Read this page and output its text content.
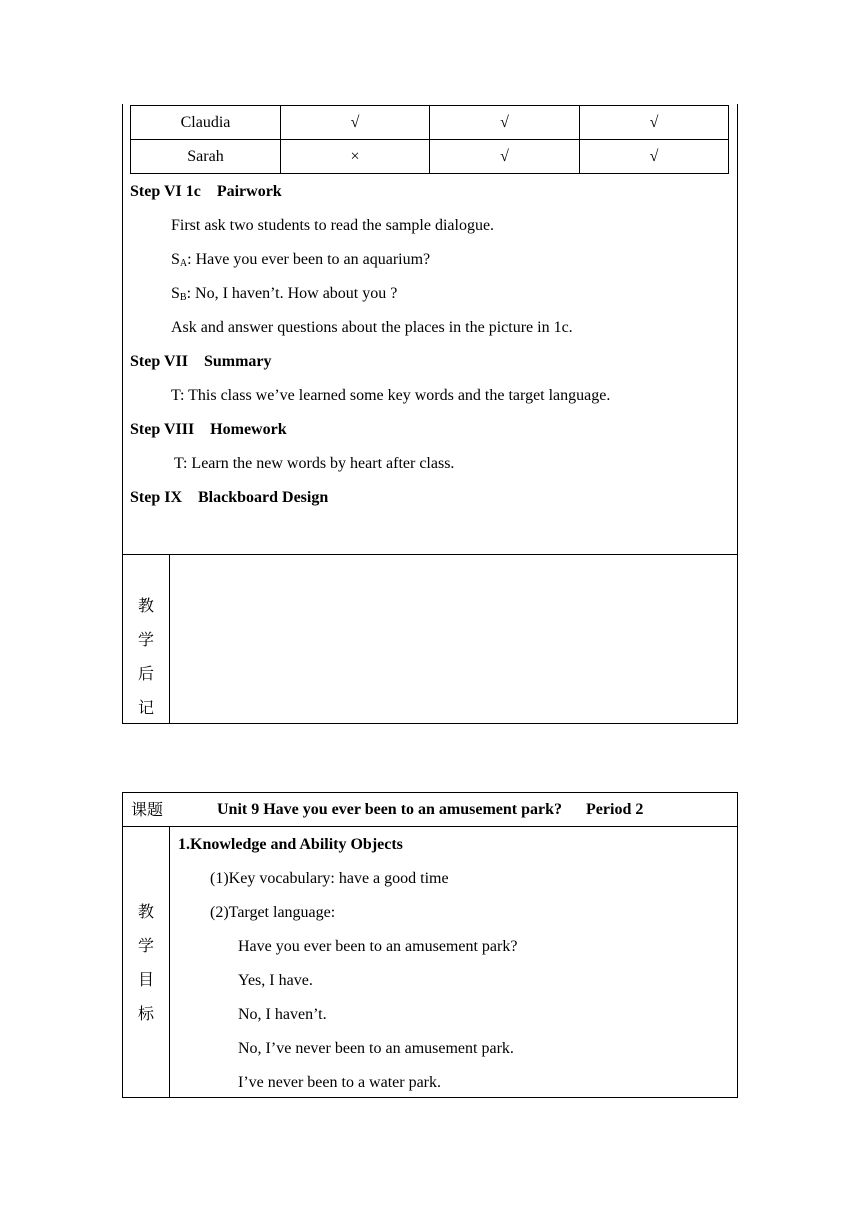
Claudia	√	√	√
Sarah	×	√	√
Step VI 1c    Pairwork
First ask two students to read the sample dialogue.
$S_A$: Have you ever been to an aquarium?
$S_B$: No, I haven’t. How about you ?
Ask and answer questions about the places in the picture in 1c.
Step VII    Summary
T: This class we’ve learned some key words and the target language.
Step VIII    Homework
T: Learn the new words by heart after class.
Step IX    Blackboard Design
教
学
后
记
课题	Unit 9 Have you ever been to an amusement park?      Period 2
教
学
目
标
1.Knowledge and Ability Objects
(1)Key vocabulary: have a good time
(2)Target language:
Have you ever been to an amusement park?
Yes, I have.
No, I haven’t.
No, I’ve never been to an amusement park.
I’ve never been to a water park.
